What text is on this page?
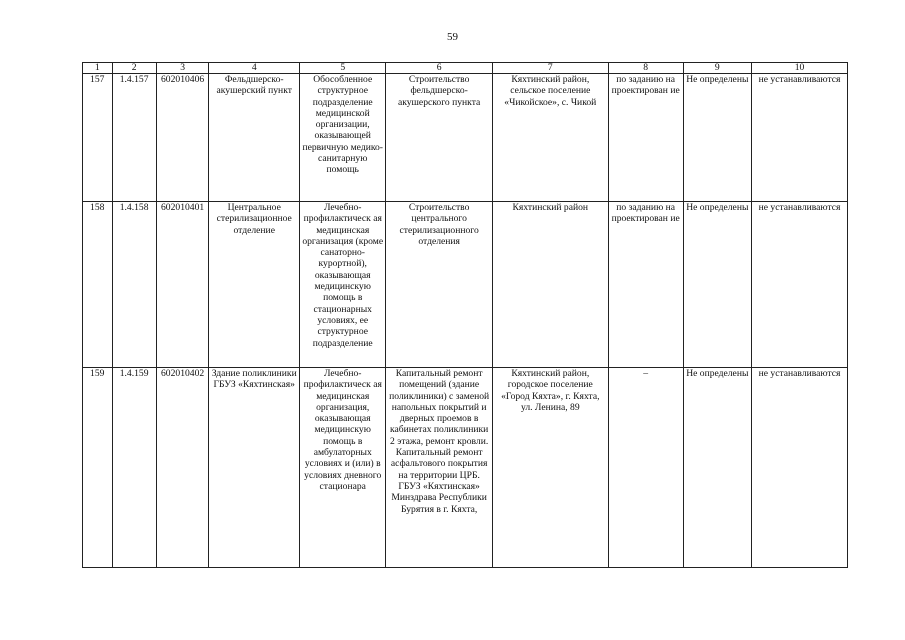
59
1	2	3	4	5	6	7	8	9	10
157	1.4.157	602010406	Фельдшерско-акушерский пункт	Обособленное структурное подразделение медицинской организации, оказывающей первичную медико-санитарную помощь	Строительство фельдшерско-акушерского пункта	Кяхтинский район, сельское поселение «Чикойское», с. Чикой	по заданию на проектирован ие	Не определены	не устанавливаются
158	1.4.158	602010401	Центральное стерилизационное отделение	Лечебно-профилактическ ая медицинская организация (кроме санаторно-курортной), оказывающая медицинскую помощь в стационарных условиях, ее структурное подразделение	Строительство центрального стерилизационного отделения	Кяхтинский район	по заданию на проектирован ие	Не определены	не устанавливаются
159	1.4.159	602010402	Здание поликлиники ГБУЗ «Кяхтинская»	Лечебно-профилактическ ая медицинская организация, оказывающая медицинскую помощь в амбулаторных условиях и (или) в условиях дневного стационара	Капитальный ремонт помещений (здание поликлиники) с заменой напольных покрытий и дверных проемов в кабинетах поликлиники 2 этажа, ремонт кровли. Капитальный ремонт асфальтового покрытия на территории ЦРБ. ГБУЗ «Кяхтинская» Минздрава Республики Бурятия в г. Кяхта,	Кяхтинский район, городское поселение «Город Кяхта», г. Кяхта, ул. Ленина, 89	–	Не определены	не устанавливаются
